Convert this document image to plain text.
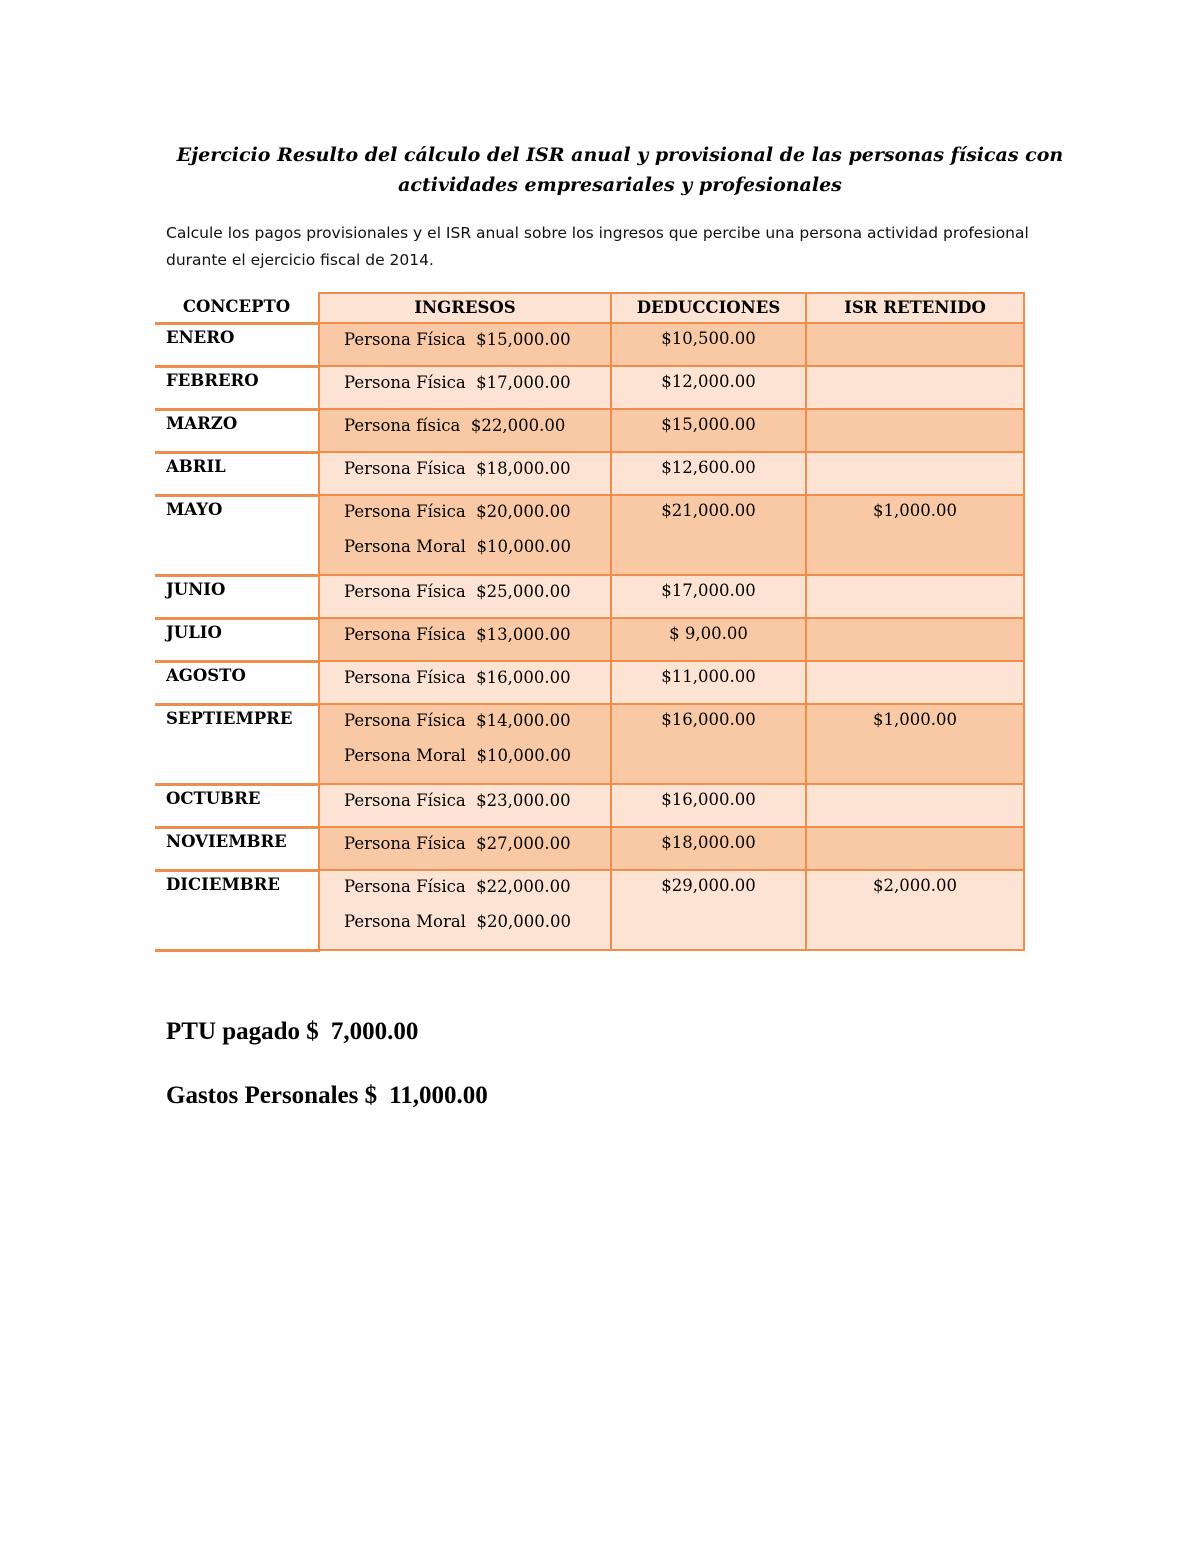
Ejercicio Resulto del cálculo del ISR anual y provisional de las personas físicas con
actividades empresariales y profesionales
Calcule los pagos provisionales y el ISR anual sobre los ingresos que percibe una persona actividad profesional
durante el ejercicio fiscal de 2014.
CONCEPTO	INGRESOS	DEDUCCIONES	ISR RETENIDO
ENERO	Persona Física $15,000.00	$10,500.00	

FEBRERO	Persona Física $17,000.00	$12,000.00	

MARZO	Persona física $22,000.00	$15,000.00	

ABRIL	Persona Física $18,000.00	$12,600.00	

MAYO	Persona Física $20,000.00
Persona Moral $10,000.00	$21,000.00	$1,000.00

JUNIO	Persona Física $25,000.00	$17,000.00	

JULIO	Persona Física $13,000.00	$ 9,00.00	

AGOSTO	Persona Física $16,000.00	$11,000.00	

SEPTIEMPRE	Persona Física $14,000.00
Persona Moral $10,000.00	$16,000.00	$1,000.00

OCTUBRE	Persona Física $23,000.00	$16,000.00	

NOVIEMBRE	Persona Física $27,000.00	$18,000.00	

DICIEMBRE	Persona Física $22,000.00
Persona Moral $20,000.00	$29,000.00	$2,000.00
PTU pagado $ 7,000.00
Gastos Personales $ 11,000.00
